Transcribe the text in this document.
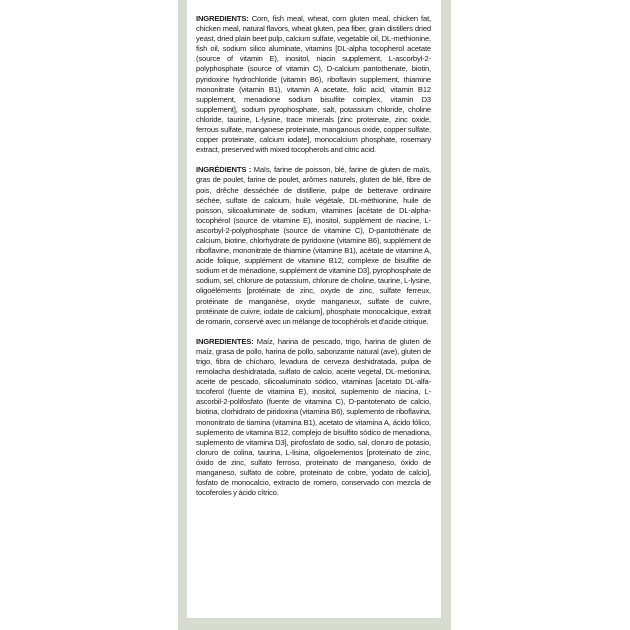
INGREDIENTS: Corn, fish meal, wheat, corn gluten meal, chicken fat, chicken meal, natural flavors, wheat gluten, pea fiber, grain distillers dried yeast, dried plain beet pulp, calcium sulfate, vegetable oil, DL-methionine, fish oil, sodium silico aluminate, vitamins [DL-alpha tocopherol acetate (source of vitamin E), inositol, niacin supplement, L-ascorbyl-2-polyphosphate (source of vitamin C), D-calcium pantothenate, biotin, pyridoxine hydrochloride (vitamin B6), riboflavin supplement, thiamine mononitrate (vitamin B1), vitamin A acetate, folic acid, vitamin B12 supplement, menadione sodium bisulfite complex, vitamin D3 supplement], sodium pyrophosphate, salt, potassium chloride, choline chloride, taurine, L-lysine, trace minerals [zinc proteinate, zinc oxide, ferrous sulfate, manganese proteinate, manganous oxide, copper sulfate, copper proteinate, calcium iodate], monocalcium phosphate, rosemary extract, preserved with mixed tocopherols and citric acid.

INGRÉDIENTS : Maïs, farine de poisson, blé, farine de gluten de maïs, gras de poulet, farine de poulet, arômes naturels, gluten de blé, fibre de pois, drêche desséchée de distillerie, pulpe de betterave ordinaire séchée, sulfate de calcium, huile végétale, DL-méthionine, huile de poisson, silicoaluminate de sodium, vitamines [acétate de DL-alpha-tocophérol (source de vitamine E), inositol, supplément de niacine, L-ascorbyl-2-polyphosphate (source de vitamine C), D-pantothénate de calcium, biotine, chlorhydrate de pyridoxine (vitamine B6), supplément de riboflavine, mononitrate de thiamine (vitamine B1), acétate de vitamine A, acide folique, supplément de vitamine B12, complexe de bisulfite de sodium et de ménadione, supplément de vitamine D3], pyrophosphate de sodium, sel, chlorure de potassium, chlorure de choline, taurine, L-lysine, oligoéléments [protéinate de zinc, oxyde de zinc, sulfate ferreux, protéinate de manganèse, oxyde manganeux, sulfate de cuivre, protéinate de cuivre, iodate de calcium], phosphate monocalcique, extrait de romarin, conservé avec un mélange de tocophérols et d'acide citrique.

INGREDIENTES: Maíz, harina de pescado, trigo, harina de gluten de maíz, grasa de pollo, harina de pollo, saborizante natural (ave), gluten de trigo, fibra de chícharo, levadura de cerveza deshidratada, pulpa de remolacha deshidratada, sulfato de calcio, aceite vegetal, DL-metionina, aceite de pescado, silicoaluminato sódico, vitaminas [acetato DL-alfa-tocoferol (fuente de vitamina E), inositol, suplemento de niacina, L-ascorbil-2-polifosfato (fuente de vitamina C), D-pantotenato de calcio, biotina, clorhidrato de piridoxina (vitamina B6), suplemento de riboflavina, mononitrato de tiamina (vitamina B1), acetato de vitamina A, ácido fólico, suplemento de vitamina B12, complejo de bisulfito sódico de menadiona, suplemento de vitamina D3], pirofosfato de sodio, sal, cloruro de potasio, cloruro de colina, taurina, L-lisina, oligoelementos [proteinato de zinc, óxido de zinc, sulfato ferroso, proteinato de manganeso, óxido de manganeso, sulfato de cobre, proteinato de cobre, yodato de calcio], fosfato de monocalcio, extracto de romero, conservado con mezcla de tocoferoles y ácido cítrico.
